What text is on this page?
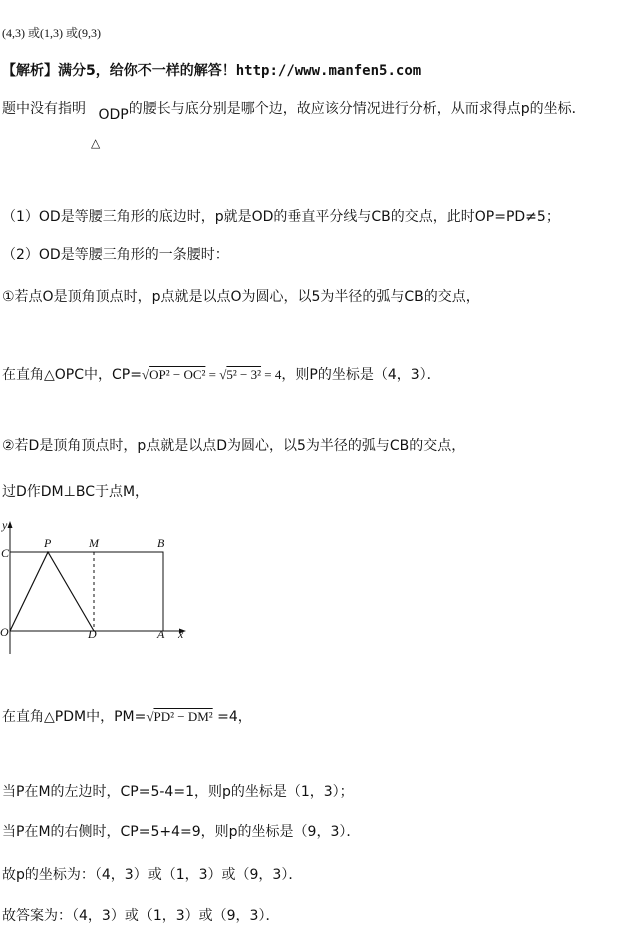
(4,3) 或(1,3) 或(9,3)
【解析】满分5，给你不一样的解答！http://www.manfen5.com
题中没有指明 ODP的腰长与底分别是哪个边，故应该分情况进行分析，从而求得点p的坐标．
△
（1）OD是等腰三角形的底边时，p就是OD的垂直平分线与CB的交点，此时OP=PD≠5；
（2）OD是等腰三角形的一条腰时：
①若点O是顶角顶点时，p点就是以点O为圆心，以5为半径的弧与CB的交点，
在直角△OPC中，CP=√OP² − OC² = √5² − 3² = 4，则P的坐标是（4，3）．
②若D是顶角顶点时，p点就是以点D为圆心，以5为半径的弧与CB的交点，
过D作DM⊥BC于点M，
y
C
P	M	B
O	D	A x
在直角△PDM中，PM=√PD² − DM² =4，
当P在M的左边时，CP=5-4=1，则p的坐标是（1，3）；
当P在M的右侧时，CP=5+4=9，则p的坐标是（9，3）．
故p的坐标为：（4，3）或（1，3）或（9，3）．
故答案为：（4，3）或（1，3）或（9，3）．
